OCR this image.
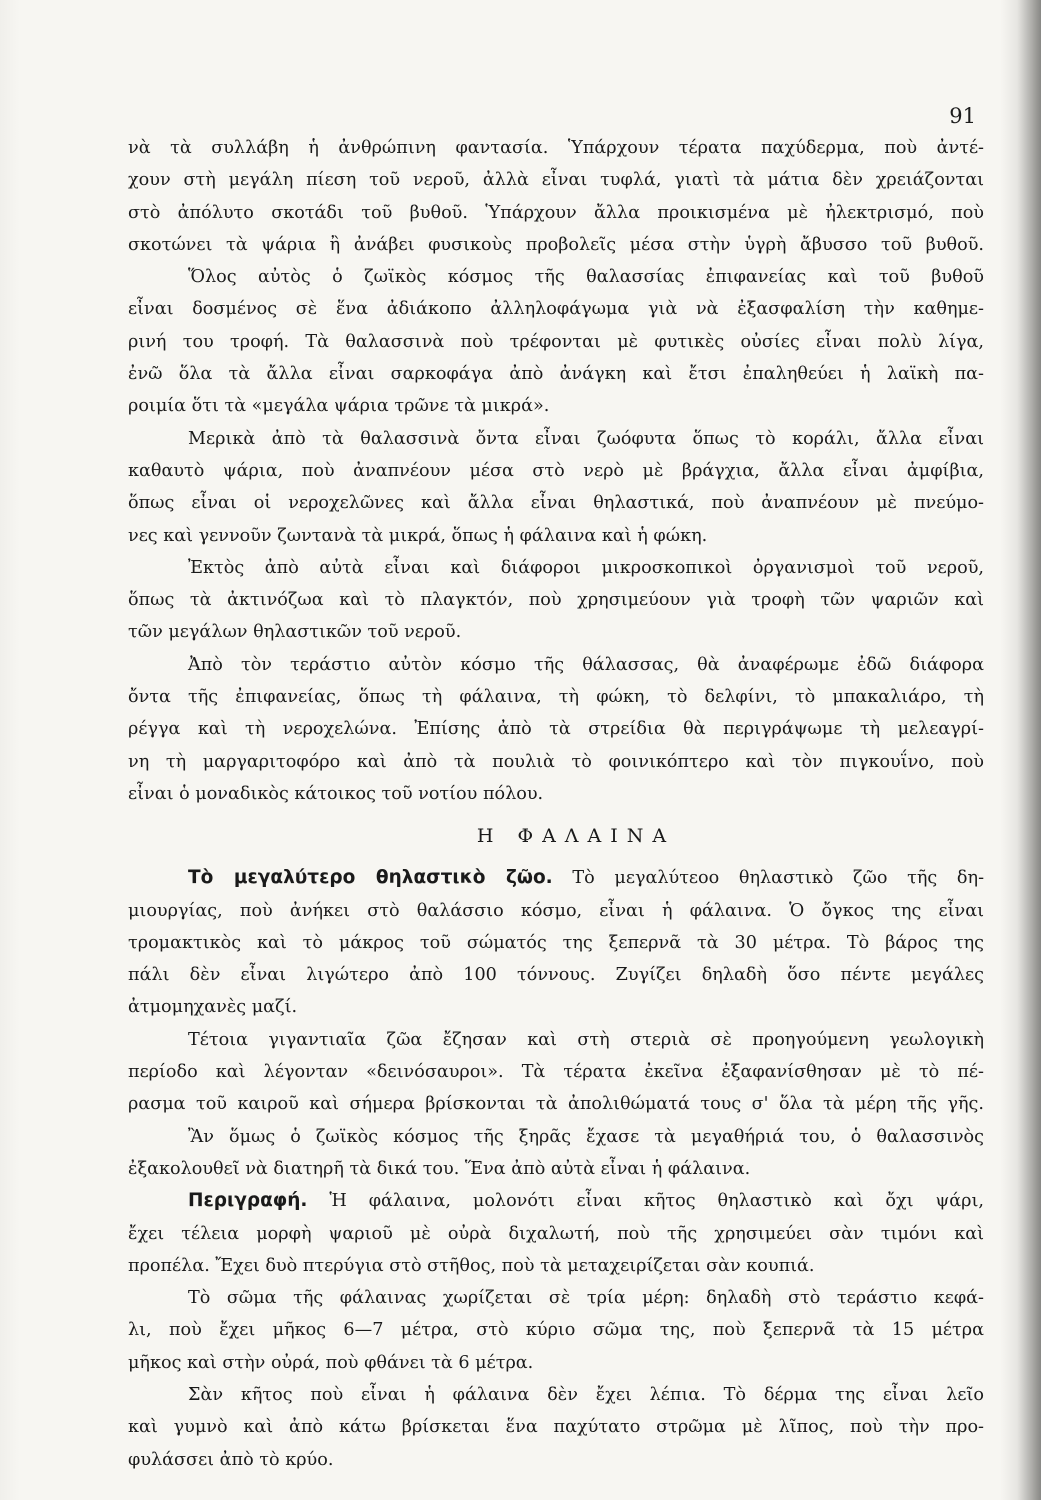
91
νὰ τὰ συλλάβη ἡ ἀνθρώπινη φαντασία. Ὑπάρχουν τέρατα παχύδερμα, ποὺ ἀντέ-
χουν στὴ μεγάλη πίεση τοῦ νεροῦ, ἀλλὰ εἶναι τυφλά, γιατὶ τὰ μάτια δὲν χρειάζονται
στὸ ἀπόλυτο σκοτάδι τοῦ βυθοῦ. Ὑπάρχουν ἄλλα προικισμένα μὲ ἠλεκτρισμό, ποὺ
σκοτώνει τὰ ψάρια ἢ ἀνάβει φυσικοὺς προβολεῖς μέσα στὴν ὑγρὴ ἄβυσσο τοῦ βυθοῦ.
Ὅλος αὐτὸς ὁ ζωϊκὸς κόσμος τῆς θαλασσίας ἐπιφανείας καὶ τοῦ βυθοῦ
εἶναι δοσμένος σὲ ἕνα ἀδιάκοπο ἀλληλοφάγωμα γιὰ νὰ ἐξασφαλίση τὴν καθημε-
ρινή του τροφή. Τὰ θαλασσινὰ ποὺ τρέφονται μὲ φυτικὲς οὐσίες εἶναι πολὺ λίγα,
ἐνῶ ὅλα τὰ ἄλλα εἶναι σαρκοφάγα ἀπὸ ἀνάγκη καὶ ἔτσι ἐπαληθεύει ἡ λαϊκὴ πα-
ροιμία ὅτι τὰ «μεγάλα ψάρια τρῶνε τὰ μικρά».
Μερικὰ ἀπὸ τὰ θαλασσινὰ ὄντα εἶναι ζωόφυτα ὅπως τὸ κοράλι, ἄλλα εἶναι
καθαυτὸ ψάρια, ποὺ ἀναπνέουν μέσα στὸ νερὸ μὲ βράγχια, ἄλλα εἶναι ἀμφίβια,
ὅπως εἶναι οἱ νεροχελῶνες καὶ ἄλλα εἶναι θηλαστικά, ποὺ ἀναπνέουν μὲ πνεύμο-
νες καὶ γεννοῦν ζωντανὰ τὰ μικρά, ὅπως ἡ φάλαινα καὶ ἡ φώκη.
Ἐκτὸς ἀπὸ αὐτὰ εἶναι καὶ διάφοροι μικροσκοπικοὶ ὀργανισμοὶ τοῦ νεροῦ,
ὅπως τὰ ἀκτινόζωα καὶ τὸ πλαγκτόν, ποὺ χρησιμεύουν γιὰ τροφὴ τῶν ψαριῶν καὶ
τῶν μεγάλων θηλαστικῶν τοῦ νεροῦ.
Ἀπὸ τὸν τεράστιο αὐτὸν κόσμο τῆς θάλασσας, θὰ ἀναφέρωμε ἐδῶ διάφορα
ὄντα τῆς ἐπιφανείας, ὅπως τὴ φάλαινα, τὴ φώκη, τὸ δελφίνι, τὸ μπακαλιάρο, τὴ
ρέγγα καὶ τὴ νεροχελώνα. Ἐπίσης ἀπὸ τὰ στρείδια θὰ περιγράψωμε τὴ μελεαγρί-
νη τὴ μαργαριτοφόρο καὶ ἀπὸ τὰ πουλιὰ τὸ φοινικόπτερο καὶ τὸν πιγκουΐνο, ποὺ
εἶναι ὁ μοναδικὸς κάτοικος τοῦ νοτίου πόλου.
Η ΦΑΛΑΙΝΑ
Τὸ μεγαλύτερο θηλαστικὸ ζῶο. Τὸ μεγαλύτεοο θηλαστικὸ ζῶο τῆς δη-
μιουργίας, ποὺ ἀνήκει στὸ θαλάσσιο κόσμο, εἶναι ἡ φάλαινα. Ὁ ὄγκος της εἶναι
τρομακτικὸς καὶ τὸ μάκρος τοῦ σώματός της ξεπερνᾶ τὰ 30 μέτρα. Τὸ βάρος της
πάλι δὲν εἶναι λιγώτερο ἀπὸ 100 τόννους. Ζυγίζει δηλαδὴ ὅσο πέντε μεγάλες
ἀτμομηχανὲς μαζί.
Τέτοια γιγαντιαῖα ζῶα ἔζησαν καὶ στὴ στεριὰ σὲ προηγούμενη γεωλογικὴ
περίοδο καὶ λέγονταν «δεινόσαυροι». Τὰ τέρατα ἐκεῖνα ἐξαφανίσθησαν μὲ τὸ πέ-
ρασμα τοῦ καιροῦ καὶ σήμερα βρίσκονται τὰ ἀπολιθώματά τους σ' ὅλα τὰ μέρη τῆς γῆς.
Ἂν ὅμως ὁ ζωϊκὸς κόσμος τῆς ξηρᾶς ἔχασε τὰ μεγαθήριά του, ὁ θαλασσινὸς
ἐξακολουθεῖ νὰ διατηρῆ τὰ δικά του. Ἕνα ἀπὸ αὐτὰ εἶναι ἡ φάλαινα.
Περιγραφή. Ἡ φάλαινα, μολονότι εἶναι κῆτος θηλαστικὸ καὶ ὄχι ψάρι,
ἔχει τέλεια μορφὴ ψαριοῦ μὲ οὐρὰ διχαλωτή, ποὺ τῆς χρησιμεύει σὰν τιμόνι καὶ
προπέλα. Ἔχει δυὸ πτερύγια στὸ στῆθος, ποὺ τὰ μεταχειρίζεται σὰν κουπιά.
Τὸ σῶμα τῆς φάλαινας χωρίζεται σὲ τρία μέρη: δηλαδὴ στὸ τεράστιο κεφά-
λι, ποὺ ἔχει μῆκος 6—7 μέτρα, στὸ κύριο σῶμα της, ποὺ ξεπερνᾶ τὰ 15 μέτρα
μῆκος καὶ στὴν οὐρά, ποὺ φθάνει τὰ 6 μέτρα.
Σὰν κῆτος ποὺ εἶναι ἡ φάλαινα δὲν ἔχει λέπια. Τὸ δέρμα της εἶναι λεῖο
καὶ γυμνὸ καὶ ἀπὸ κάτω βρίσκεται ἕνα παχύτατο στρῶμα μὲ λῖπος, ποὺ τὴν προ-
φυλάσσει ἀπὸ τὸ κρύο.
